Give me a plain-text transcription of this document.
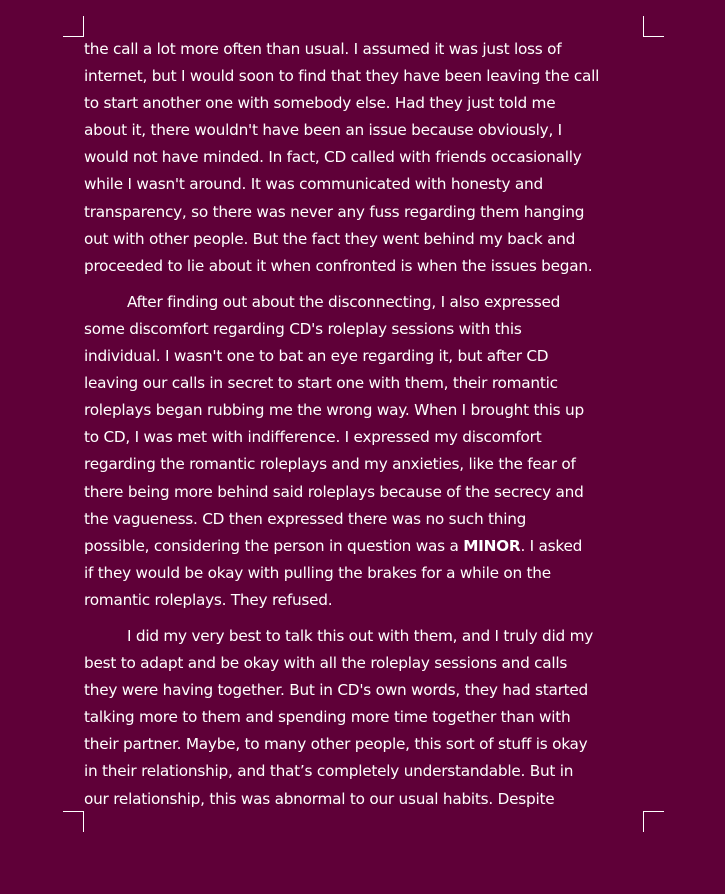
the call a lot more often than usual. I assumed it was just loss of
internet, but I would soon to find that they have been leaving the call
to start another one with somebody else. Had they just told me
about it, there wouldn't have been an issue because obviously, I
would not have minded. In fact, CD called with friends occasionally
while I wasn't around. It was communicated with honesty and
transparency, so there was never any fuss regarding them hanging
out with other people. But the fact they went behind my back and
proceeded to lie about it when confronted is when the issues began.

After finding out about the disconnecting, I also expressed
some discomfort regarding CD's roleplay sessions with this
individual. I wasn't one to bat an eye regarding it, but after CD
leaving our calls in secret to start one with them, their romantic
roleplays began rubbing me the wrong way. When I brought this up
to CD, I was met with indifference. I expressed my discomfort
regarding the romantic roleplays and my anxieties, like the fear of
there being more behind said roleplays because of the secrecy and
the vagueness. CD then expressed there was no such thing
possible, considering the person in question was a MINOR. I asked
if they would be okay with pulling the brakes for a while on the
romantic roleplays. They refused.

I did my very best to talk this out with them, and I truly did my
best to adapt and be okay with all the roleplay sessions and calls
they were having together. But in CD's own words, they had started
talking more to them and spending more time together than with
their partner. Maybe, to many other people, this sort of stuff is okay
in their relationship, and that’s completely understandable. But in
our relationship, this was abnormal to our usual habits. Despite
